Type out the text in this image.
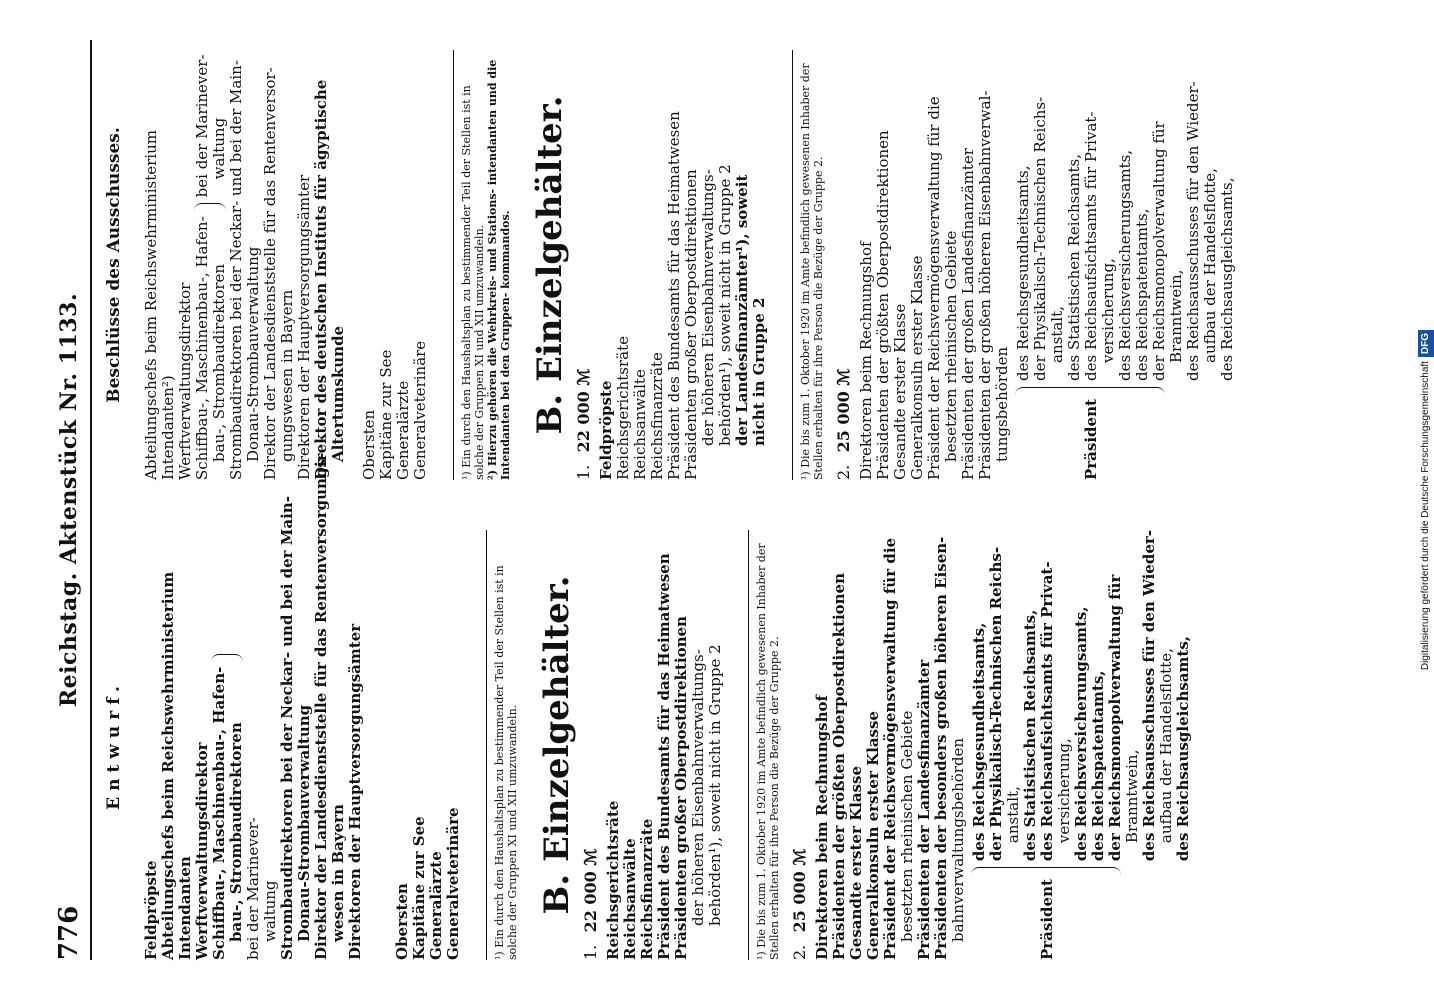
776
Reichstag. Aktenstück Nr. 1133.
Entwurf.
Feldpröpste Abteilungschefs beim Reichswehrministerium Intendanten Werftverwaltungsdirektor Schiffbau-, Maschinenbau-, Hafen- bau-, Strombaudirektoren bei der Marinever- waltung Strombaudirektoren bei der Neckar- und bei der Main- Donau-Strombauverwaltung Direktor der Landesdienststelle für das Rentenversorgungs- wesen in Bayern Direktoren der Hauptversorgungsämter Obersten Kapitäne zur See Generalärzte Generalveterinäre	¹) Ein durch den Haushaltsplan zu bestimmender Teil der Stellen ist in solche der Gruppen XI und XII umzuwandeln. B. Einzelgehälter.
1. 22 000 ℳ Reichsgerichtsräte Reichsanwälte Reichsfinanzräte Präsident des Bundesamts für das Heimatwesen Präsidenten großer Oberpostdirektionen der höheren Eisenbahnverwaltungs- behörden¹), soweit nicht in Gruppe 2	¹) Die bis zum 1. Oktober 1920 im Amte befindlich gewesenen Inhaber der Stellen erhalten für ihre Person die Bezüge der Gruppe 2. 2. 25 000 ℳ Direktoren beim Rechnungshof Präsidenten der größten Oberpostdirektionen Gesandte erster Klasse Generalkonsuln erster Klasse Präsident der Reichsvermögensverwaltung für die besetzten rheinischen Gebiete Präsidenten der Landesfinanzämter Präsidenten der besonders großen höheren Eisen- bahnverwaltungsbehörden	Präsident
des Reichsgesundheitsamts, der Physikalisch-Technischen Reichs- anstalt, des Statistischen Reichsamts, des Reichsaufsichtsamts für Privat- versicherung, des Reichsversicherungsamts, des Reichspatentamts, der Reichsmonopolverwaltung für Branntwein, des Reichsausschusses für den Wieder- aufbau der Handelsflotte, des Reichsausgleichsamts,
Beschlüsse des Ausschusses. Abteilungschefs beim Reichswehrministerium Intendanten²) Werftverwaltungsdirektor Schiffbau-, Maschinenbau-, Hafen- bau-, Strombaudirektoren
bei der Marinever- waltung Strombaudirektoren bei der Neckar- und bei der Main- Donau-Strombauverwaltung Direktor der Landesdienststelle für das Rentenversor- gungswesen in Bayern Direktoren der Hauptversorgungsämter Direktor des deutschen Instituts für ägyptische Altertumskunde Obersten Kapitäne zur See Generalärzte Generalveterinäre	¹) Ein durch den Haushaltsplan zu bestimmender Teil der Stellen ist in solche der Gruppen XI und XII umzuwandeln. ²) Hierzu gehören die Wehrkreis- und Stations- intendanten und die Intendanten bei den Gruppen- kommandos. B. Einzelgehälter.
1. 22 000 ℳ Feldpröpste Reichsgerichtsräte Reichsanwälte Reichsfinanzräte Präsident des Bundesamts für das Heimatwesen Präsidenten großer Oberpostdirektionen der höheren Eisenbahnverwaltungs- behörden¹), soweit nicht in Gruppe 2 der Landesfinanzämter¹), soweit nicht in Gruppe 2	¹) Die bis zum 1. Oktober 1920 im Amte befindlich gewesenen Inhaber der Stellen erhalten für ihre Person die Bezüge der Gruppe 2. 2. 25 000 ℳ Direktoren beim Rechnungshof Präsidenten der größten Oberpostdirektionen Gesandte erster Klasse Generalkonsuln erster Klasse Präsident der Reichsvermögensverwaltung für die besetzten rheinischen Gebiete Präsidenten der großen Landesfinanzämter Präsidenten der großen höheren Eisenbahnverwal- tungsbehörden	Präsident
des Reichsgesundheitsamts, der Physikalisch-Technischen Reichs- anstalt, des Statistischen Reichsamts, des Reichsaufsichtsamts für Privat- versicherung, des Reichsversicherungsamts, des Reichspatentamts, der Reichsmonopolverwaltung für Branntwein, des Reichsausschusses für den Wieder- aufbau der Handelsflotte, des Reichsausgleichsamts,
Digitalisierung gefördert durch die Deutsche ForschungsgemeinschaftDFG
